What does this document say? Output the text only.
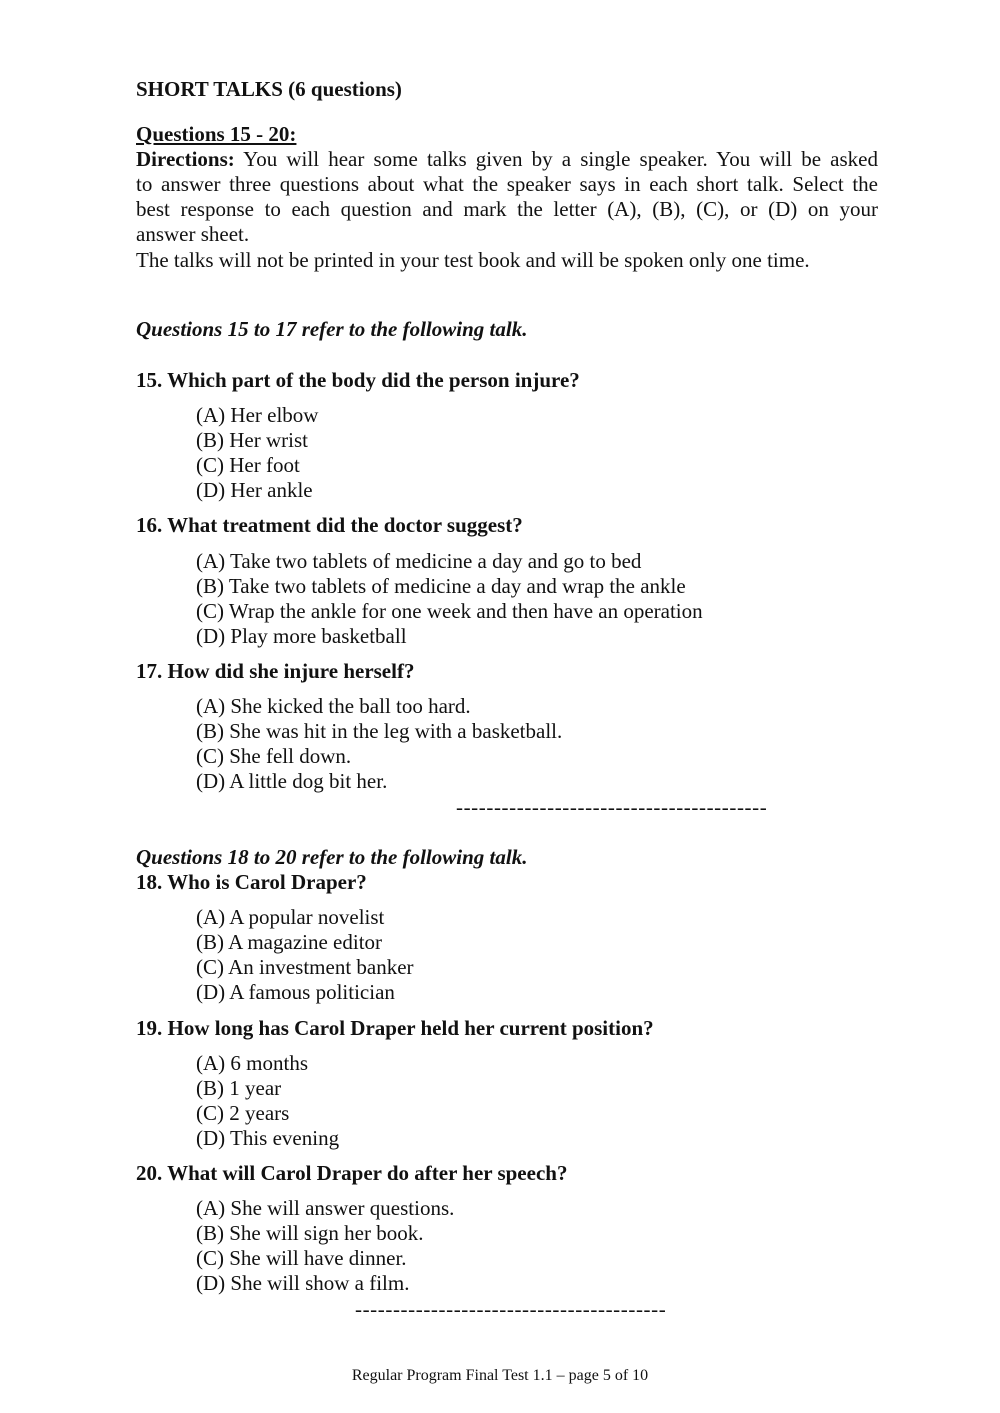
SHORT TALKS (6 questions)
Questions 15 - 20:
Directions: You will hear some talks given by a single speaker. You will be asked
to answer three questions about what the speaker says in each short talk. Select the
best response to each question and mark the letter (A), (B), (C), or (D) on your
answer sheet.
The talks will not be printed in your test book and will be spoken only one time.
Questions 15 to 17 refer to the following talk.
15. Which part of the body did the person injure?
(A) Her elbow
(B) Her wrist
(C) Her foot
(D) Her ankle
16. What treatment did the doctor suggest?
(A) Take two tablets of medicine a day and go to bed
(B) Take two tablets of medicine a day and wrap the ankle
(C) Wrap the ankle for one week and then have an operation
(D) Play more basketball
17. How did she injure herself?
(A) She kicked the ball too hard.
(B) She was hit in the leg with a basketball.
(C) She fell down.
(D) A little dog bit her.
-----------------------------------------
Questions 18 to 20 refer to the following talk.
18. Who is Carol Draper?
(A) A popular novelist
(B) A magazine editor
(C) An investment banker
(D) A famous politician
19. How long has Carol Draper held her current position?
(A) 6 months
(B) 1 year
(C) 2 years
(D) This evening
20. What will Carol Draper do after her speech?
(A) She will answer questions.
(B) She will sign her book.
(C) She will have dinner.
(D) She will show a film.
-----------------------------------------
Regular Program Final Test 1.1 – page 5 of 10
